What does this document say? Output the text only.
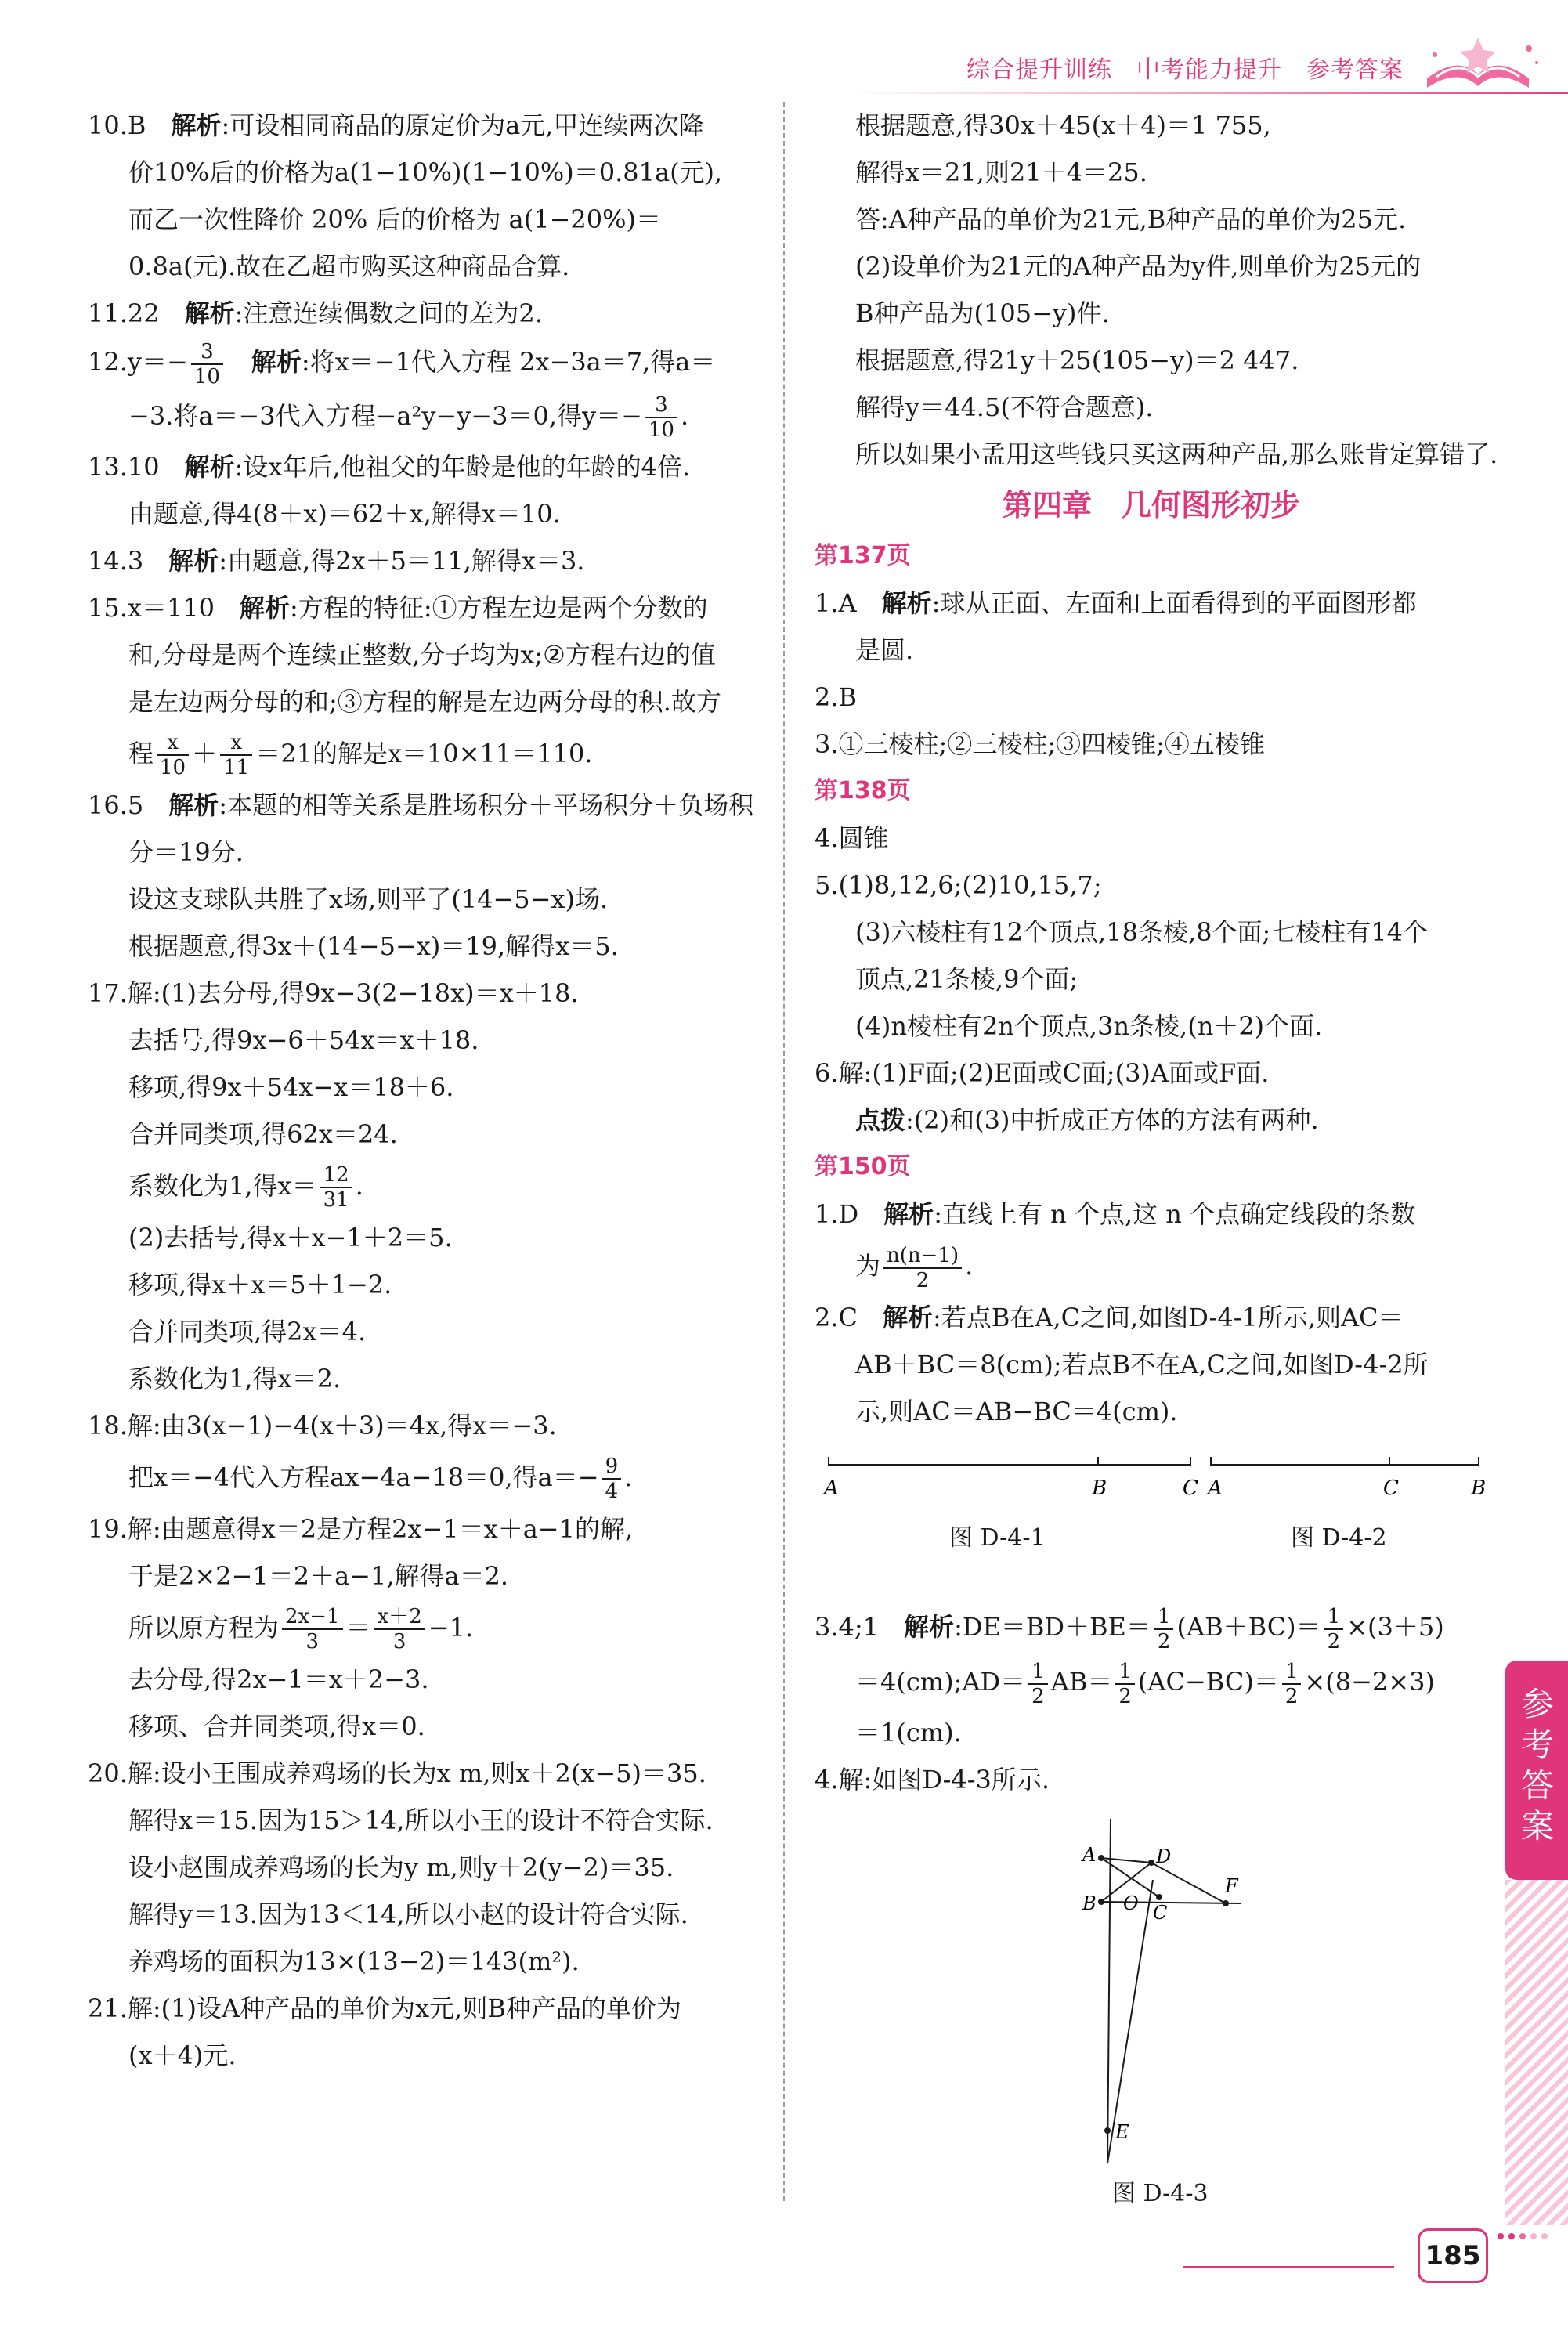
综合提升训练　中考能力提升　参考答案
10.B　解析:可设相同商品的原定价为a元,甲连续两次降
价10%后的价格为a(1−10%)(1−10%)＝0.81a(元),
而乙一次性降价 20% 后的价格为 a(1−20%)＝
0.8a(元).故在乙超市购买这种商品合算.
11.22　解析:注意连续偶数之间的差为2.
$12.y=- \frac{3}{10}$
　 解析:将x＝−1代入方程 2x−3a＝7,得a＝
−3.将a＝−3代入方程−a²y−y−3＝0,得$y=- \frac{3}{10}$ .
13.10　解析:设x年后,他祖父的年龄是他的年龄的4倍.
由题意,得4(8＋x)＝62＋x,解得x＝10.
14.3　解析:由题意,得2x＋5＝11,解得x＝3.
15.x＝110　解析:方程的特征:①方程左边是两个分数的
和,分母是两个连续正整数,分子均为x;②方程右边的值
是左边两分母的和;③方程的解是左边两分母的积.故方
程 $\frac{x}{10} + \frac{x}{11} =21$的解是x＝10×11＝110.
16.5　解析:本题的相等关系是胜场积分＋平场积分＋负场积
分＝19分.
设这支球队共胜了x场,则平了(14−5−x)场.
根据题意,得3x＋(14−5−x)＝19,解得x＝5.
17.解:(1)去分母,得9x−3(2−18x)＝x＋18.
去括号,得9x−6＋54x＝x＋18.
移项,得9x＋54x−x＝18＋6.
合并同类项,得62x＝24.
系数化为1,得$x= \frac{12}{31}$ .
(2)去括号,得x＋x−1＋2＝5.
移项,得x＋x＝5＋1−2.
合并同类项,得2x＝4.
系数化为1,得x＝2.
18.解:由3(x−1)−4(x＋3)＝4x,得x＝−3.
把x＝−4代入方程ax−4a−18＝0,得$a=- \frac{9}{4}$ .
19.解:由题意得x＝2是方程2x−1＝x＋a−1的解,
于是2×2−1＝2＋a−1,解得a＝2.
所以原方程为 $\frac{2x-1}{3} = \frac{x+2}{3} -1$.
去分母,得2x−1＝x＋2−3.
移项、合并同类项,得x＝0.
20.解:设小王围成养鸡场的长为x m,则x＋2(x−5)＝35.
解得x＝15.因为15＞14,所以小王的设计不符合实际.
设小赵围成养鸡场的长为y m,则y＋2(y−2)＝35.
解得y＝13.因为13＜14,所以小赵的设计符合实际.
养鸡场的面积为13×(13−2)＝143(m²).
21.解:(1)设A种产品的单价为x元,则B种产品的单价为
(x＋4)元.
根据题意,得30x＋45(x＋4)＝1 755,
解得x＝21,则21＋4＝25.
答:A种产品的单价为21元,B种产品的单价为25元.
(2)设单价为21元的A种产品为y件,则单价为25元的
B种产品为(105−y)件.
根据题意,得21y＋25(105−y)＝2 447.
解得y＝44.5(不符合题意).
所以如果小孟用这些钱只买这两种产品,那么账肯定算错了.
第四章　几何图形初步
第137页
1.A　解析:球从正面、左面和上面看得到的平面图形都
是圆.
2.B
3.①三棱柱;②三棱柱;③四棱锥;④五棱锥
第138页
4.圆锥
5.(1)8,12,6;(2)10,15,7;
(3)六棱柱有12个顶点,18条棱,8个面;七棱柱有14个
顶点,21条棱,9个面;
(4)n棱柱有2n个顶点,3n条棱,(n＋2)个面.
6.解:(1)F面;(2)E面或C面;(3)A面或F面.
点拨:(2)和(3)中折成正方体的方法有两种.
第150页
1.D　解析:直线上有 n 个点,这 n 个点确定线段的条数
为 $\frac{n(n-1)}{2}$ .
2.C　解析:若点B在A,C之间,如图D-4-1所示,则AC＝
AB＋BC＝8(cm);若点B不在A,C之间,如图D-4-2所
示,则AC＝AB−BC＝4(cm).
3.4;1　解析:DE＝BD＋BE＝ $\frac{1}{2} (AB+BC)= \frac{1}{2} \times(3+5)$
＝4(cm);AD＝ $\frac{1}{2} AB= \frac{1}{2} (AC-BC)= \frac{1}{2} \times(8-2\times 3)$
＝1(cm).
4.解:如图D-4-3所示.
A	B	C
图 D-4-1
A	C	B
图 D-4-2
A
B O C
D
F
E
图 D-4-3
参考答案
185
